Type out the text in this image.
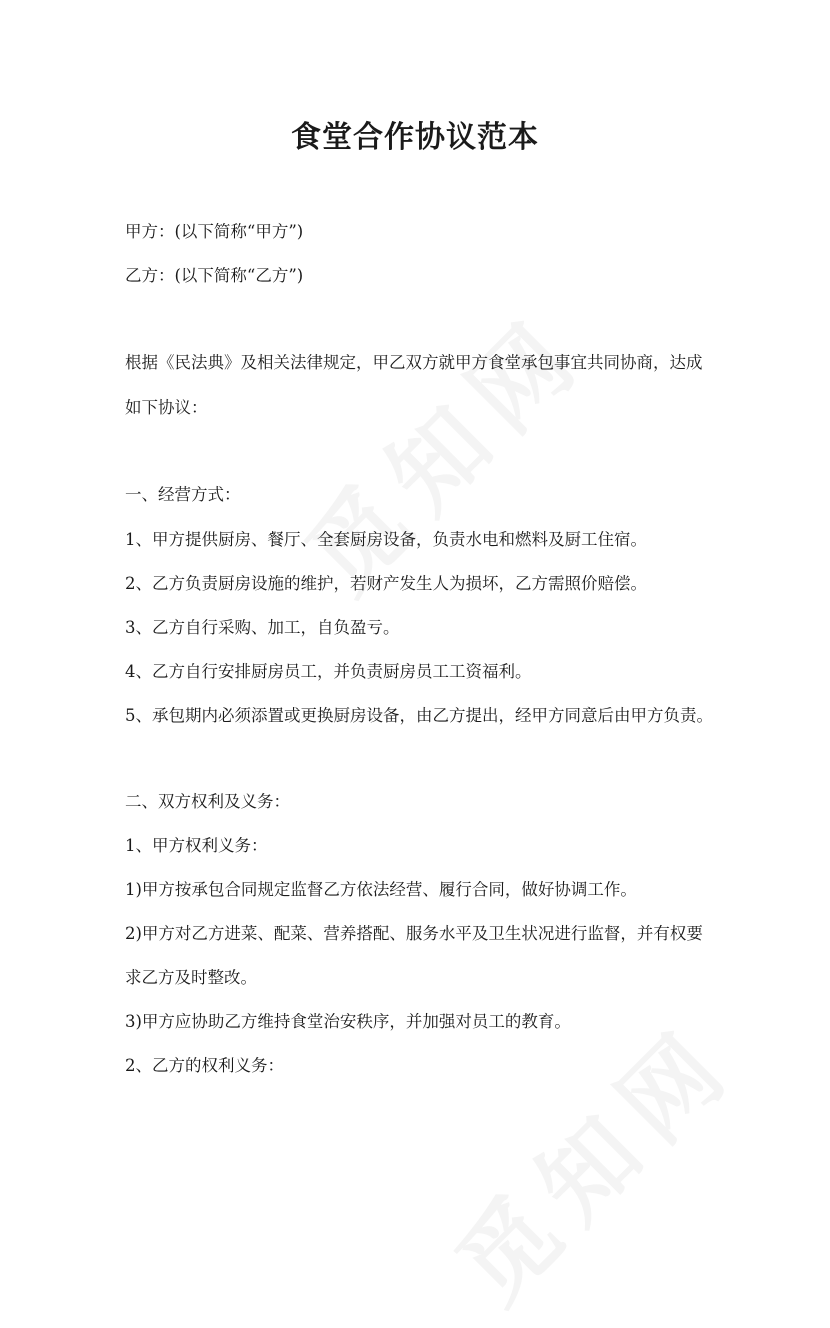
食堂合作协议范本

甲方：(以下简称“甲方”)

乙方：(以下简称“乙方”)

根据《民法典》及相关法律规定，甲乙双方就甲方食堂承包事宜共同协商，达成

如下协议：

一、经营方式：

1、甲方提供厨房、餐厅、全套厨房设备，负责水电和燃料及厨工住宿。

2、乙方负责厨房设施的维护，若财产发生人为损坏，乙方需照价赔偿。

3、乙方自行采购、加工，自负盈亏。

4、乙方自行安排厨房员工，并负责厨房员工工资福利。

5、承包期内必须添置或更换厨房设备，由乙方提出，经甲方同意后由甲方负责。

二、双方权利及义务：

1、甲方权利义务：

1)甲方按承包合同规定监督乙方依法经营、履行合同，做好协调工作。

2)甲方对乙方进菜、配菜、营养搭配、服务水平及卫生状况进行监督，并有权要

求乙方及时整改。

3)甲方应协助乙方维持食堂治安秩序，并加强对员工的教育。

2、乙方的权利义务：
